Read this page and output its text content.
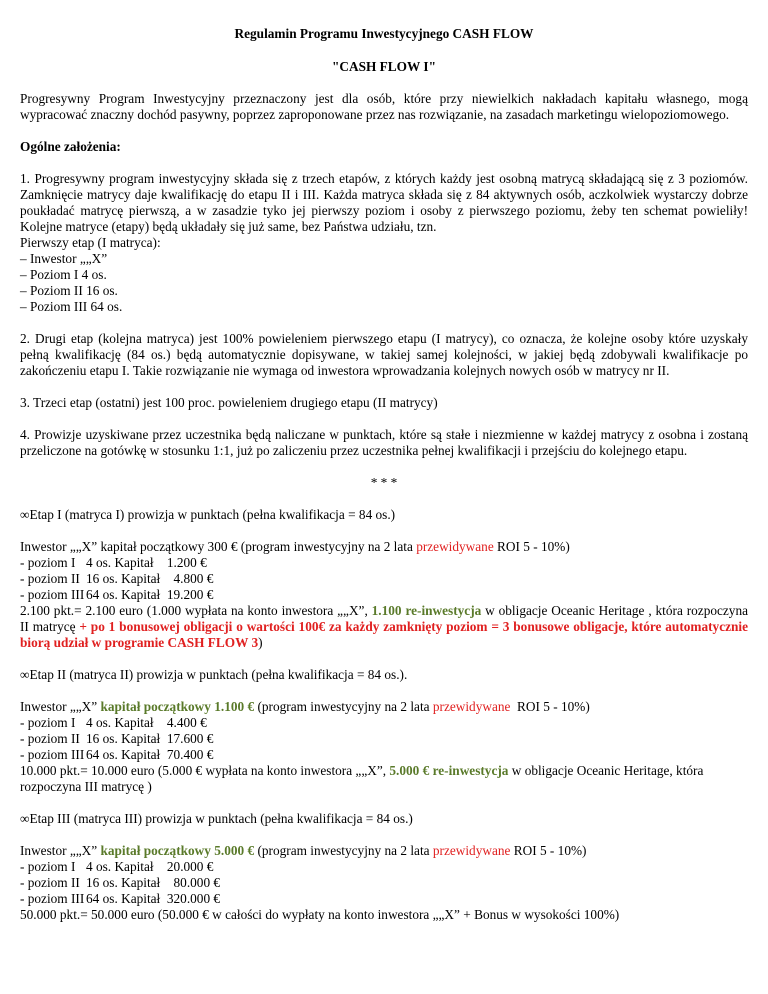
Regulamin Programu Inwestycyjnego CASH FLOW

"CASH FLOW I"

Progresywny Program Inwestycyjny przeznaczony jest dla osób, które przy niewielkich nakładach kapitału własnego, mogą wypracować znaczny dochód pasywny, poprzez zaproponowane przez nas rozwiązanie, na zasadach marketingu wielopoziomowego.

Ogólne założenia:

1. Progresywny program inwestycyjny składa się z trzech etapów, z których każdy jest osobną matrycą składającą się z 3 poziomów. Zamknięcie matrycy daje kwalifikację do etapu II i III. Każda matryca składa się z 84 aktywnych osób, aczkolwiek wystarczy dobrze poukładać matrycę pierwszą, a w zasadzie tyko jej pierwszy poziom i osoby z pierwszego poziomu, żeby ten schemat powieliły! Kolejne matryce (etapy) będą układały się już same, bez Państwa udziału, tzn.

Pierwszy etap (I matryca):

– Inwestor „„X”

– Poziom I 4 os.

– Poziom II 16 os.

– Poziom III 64 os.

2. Drugi etap (kolejna matryca) jest 100% powieleniem pierwszego etapu (I matrycy), co oznacza, że kolejne osoby które uzyskały pełną kwalifikację (84 os.) będą automatycznie dopisywane, w takiej samej kolejności, w jakiej będą zdobywali kwalifikacje po zakończeniu etapu I. Takie rozwiązanie nie wymaga od inwestora wprowadzania kolejnych nowych osób w matrycy nr II.

3. Trzeci etap (ostatni) jest 100 proc. powieleniem drugiego etapu (II matrycy)

4. Prowizje uzyskiwane przez uczestnika będą naliczane w punktach, które są stałe i niezmienne w każdej matrycy z osobna i zostaną przeliczone na gotówkę w stosunku 1:1, już po zaliczeniu przez uczestnika pełnej kwalifikacji i przejściu do kolejnego etapu.

* * *

∞Etap I (matryca I) prowizja w punktach (pełna kwalifikacja = 84 os.)

Inwestor „„X” kapitał początkowy 300 € (program inwestycyjny na 2 lata przewidywane ROI 5 - 10%)

- poziom I 4 os. Kapitał    1.200 €

- poziom II 16 os. Kapitał    4.800 €

- poziom III 64 os. Kapitał  19.200 €

2.100 pkt.= 2.100 euro (1.000 wypłata na konto inwestora „„X”, 1.100 re-inwestycja w obligacje Oceanic Heritage , która rozpoczyna II matrycę + po 1 bonusowej obligacji o wartości 100€ za każdy zamknięty poziom = 3 bonusowe obligacje, które automatycznie biorą udział w programie CASH FLOW 3)

∞Etap II (matryca II) prowizja w punktach (pełna kwalifikacja = 84 os.).

Inwestor „„X” kapitał początkowy 1.100 € (program inwestycyjny na 2 lata przewidywane  ROI 5 - 10%)

- poziom I 4 os. Kapitał    4.400 €

- poziom II 16 os. Kapitał  17.600 €

- poziom III 64 os. Kapitał  70.400 €

10.000 pkt.= 10.000 euro (5.000 € wypłata na konto inwestora „„X”, 5.000 € re-inwestycja w obligacje Oceanic Heritage, która rozpoczyna III matrycę )

∞Etap III (matryca III) prowizja w punktach (pełna kwalifikacja = 84 os.)

Inwestor „„X” kapitał początkowy 5.000 € (program inwestycyjny na 2 lata przewidywane ROI 5 - 10%)

- poziom I 4 os. Kapitał    20.000 €

- poziom II 16 os. Kapitał    80.000 €

- poziom III 64 os. Kapitał  320.000 €

50.000 pkt.= 50.000 euro (50.000 € w całości do wypłaty na konto inwestora „„X” + Bonus w wysokości 100%)
